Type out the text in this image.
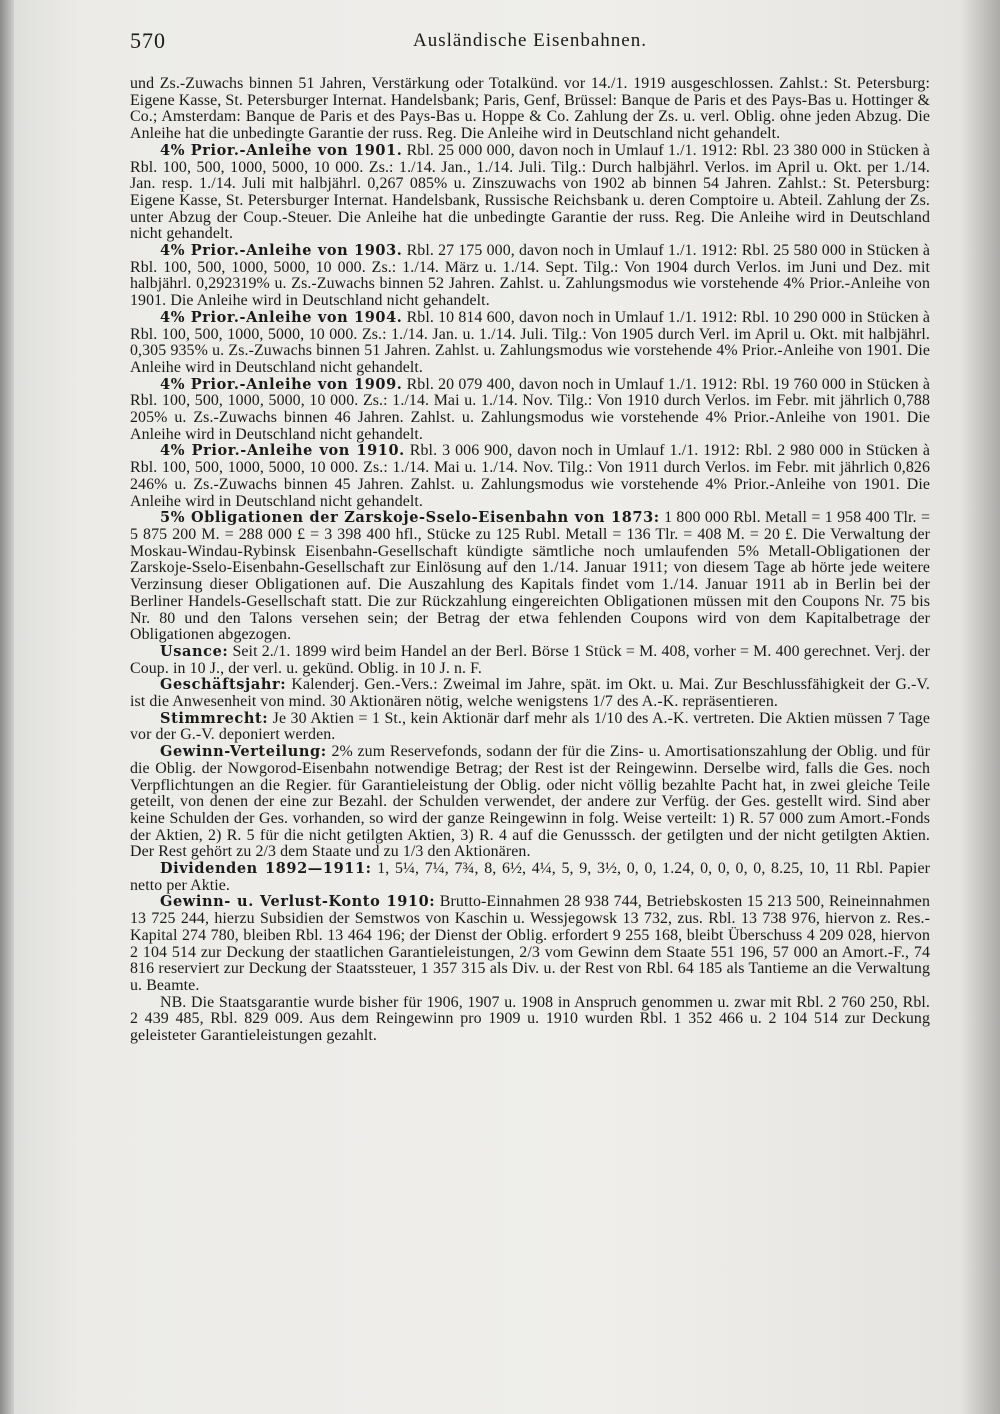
570	Ausländische Eisenbahnen.

und Zs.-Zuwachs binnen 51 Jahren, Verstärkung oder Totalkünd. vor 14./1. 1919 ausgeschlossen. Zahlst.: St. Petersburg: Eigene Kasse, St. Petersburger Internat. Handelsbank; Paris, Genf, Brüssel: Banque de Paris et des Pays-Bas u. Hottinger & Co.; Amsterdam: Banque de Paris et des Pays-Bas u. Hoppe & Co. Zahlung der Zs. u. verl. Oblig. ohne jeden Abzug. Die Anleihe hat die unbedingte Garantie der russ. Reg. Die Anleihe wird in Deutschland nicht gehandelt.

4% Prior.-Anleihe von 1901. Rbl. 25 000 000, davon noch in Umlauf 1./1. 1912: Rbl. 23 380 000 in Stücken à Rbl. 100, 500, 1000, 5000, 10 000. Zs.: 1./14. Jan., 1./14. Juli. Tilg.: Durch halbjährl. Verlos. im April u. Okt. per 1./14. Jan. resp. 1./14. Juli mit halbjährl. 0,267 085% u. Zinszuwachs von 1902 ab binnen 54 Jahren. Zahlst.: St. Petersburg: Eigene Kasse, St. Petersburger Internat. Handelsbank, Russische Reichsbank u. deren Comptoire u. Abteil. Zahlung der Zs. unter Abzug der Coup.-Steuer. Die Anleihe hat die unbedingte Garantie der russ. Reg. Die Anleihe wird in Deutschland nicht gehandelt.

4% Prior.-Anleihe von 1903. Rbl. 27 175 000, davon noch in Umlauf 1./1. 1912: Rbl. 25 580 000 in Stücken à Rbl. 100, 500, 1000, 5000, 10 000. Zs.: 1./14. März u. 1./14. Sept. Tilg.: Von 1904 durch Verlos. im Juni und Dez. mit halbjährl. 0,292319% u. Zs.-Zuwachs binnen 52 Jahren. Zahlst. u. Zahlungsmodus wie vorstehende 4% Prior.-Anleihe von 1901. Die Anleihe wird in Deutschland nicht gehandelt.

4% Prior.-Anleihe von 1904. Rbl. 10 814 600, davon noch in Umlauf 1./1. 1912: Rbl. 10 290 000 in Stücken à Rbl. 100, 500, 1000, 5000, 10 000. Zs.: 1./14. Jan. u. 1./14. Juli. Tilg.: Von 1905 durch Verl. im April u. Okt. mit halbjährl. 0,305 935% u. Zs.-Zuwachs binnen 51 Jahren. Zahlst. u. Zahlungsmodus wie vorstehende 4% Prior.-Anleihe von 1901. Die Anleihe wird in Deutschland nicht gehandelt.

4% Prior.-Anleihe von 1909. Rbl. 20 079 400, davon noch in Umlauf 1./1. 1912: Rbl. 19 760 000 in Stücken à Rbl. 100, 500, 1000, 5000, 10 000. Zs.: 1./14. Mai u. 1./14. Nov. Tilg.: Von 1910 durch Verlos. im Febr. mit jährlich 0,788 205% u. Zs.-Zuwachs binnen 46 Jahren. Zahlst. u. Zahlungsmodus wie vorstehende 4% Prior.-Anleihe von 1901. Die Anleihe wird in Deutschland nicht gehandelt.

4% Prior.-Anleihe von 1910. Rbl. 3 006 900, davon noch in Umlauf 1./1. 1912: Rbl. 2 980 000 in Stücken à Rbl. 100, 500, 1000, 5000, 10 000. Zs.: 1./14. Mai u. 1./14. Nov. Tilg.: Von 1911 durch Verlos. im Febr. mit jährlich 0,826 246% u. Zs.-Zuwachs binnen 45 Jahren. Zahlst. u. Zahlungsmodus wie vorstehende 4% Prior.-Anleihe von 1901. Die Anleihe wird in Deutschland nicht gehandelt.

5% Obligationen der Zarskoje-Sselo-Eisenbahn von 1873: 1 800 000 Rbl. Metall = 1 958 400 Tlr. = 5 875 200 M. = 288 000 £ = 3 398 400 hfl., Stücke zu 125 Rubl. Metall = 136 Tlr. = 408 M. = 20 £. Die Verwaltung der Moskau-Windau-Rybinsk Eisenbahn-Gesellschaft kündigte sämtliche noch umlaufenden 5% Metall-Obligationen der Zarskoje-Sselo-Eisenbahn-Gesellschaft zur Einlösung auf den 1./14. Januar 1911; von diesem Tage ab hörte jede weitere Verzinsung dieser Obligationen auf. Die Auszahlung des Kapitals findet vom 1./14. Januar 1911 ab in Berlin bei der Berliner Handels-Gesellschaft statt. Die zur Rückzahlung eingereichten Obligationen müssen mit den Coupons Nr. 75 bis Nr. 80 und den Talons versehen sein; der Betrag der etwa fehlenden Coupons wird von dem Kapitalbetrage der Obligationen abgezogen.

Usance: Seit 2./1. 1899 wird beim Handel an der Berl. Börse 1 Stück = M. 408, vorher = M. 400 gerechnet. Verj. der Coup. in 10 J., der verl. u. gekünd. Oblig. in 10 J. n. F.

Geschäftsjahr: Kalenderj. Gen.-Vers.: Zweimal im Jahre, spät. im Okt. u. Mai. Zur Beschlussfähigkeit der G.-V. ist die Anwesenheit von mind. 30 Aktionären nötig, welche wenigstens 1/7 des A.-K. repräsentieren.

Stimmrecht: Je 30 Aktien = 1 St., kein Aktionär darf mehr als 1/10 des A.-K. vertreten. Die Aktien müssen 7 Tage vor der G.-V. deponiert werden.

Gewinn-Verteilung: 2% zum Reservefonds, sodann der für die Zins- u. Amortisationszahlung der Oblig. und für die Oblig. der Nowgorod-Eisenbahn notwendige Betrag; der Rest ist der Reingewinn. Derselbe wird, falls die Ges. noch Verpflichtungen an die Regier. für Garantieleistung der Oblig. oder nicht völlig bezahlte Pacht hat, in zwei gleiche Teile geteilt, von denen der eine zur Bezahl. der Schulden verwendet, der andere zur Verfüg. der Ges. gestellt wird. Sind aber keine Schulden der Ges. vorhanden, so wird der ganze Reingewinn in folg. Weise verteilt: 1) R. 57 000 zum Amort.-Fonds der Aktien, 2) R. 5 für die nicht getilgten Aktien, 3) R. 4 auf die Genusssch. der getilgten und der nicht getilgten Aktien. Der Rest gehört zu 2/3 dem Staate und zu 1/3 den Aktionären.

Dividenden 1892—1911: 1, 5¼, 7¼, 7¾, 8, 6½, 4¼, 5, 9, 3½, 0, 0, 1.24, 0, 0, 0, 0, 8.25, 10, 11 Rbl. Papier netto per Aktie.

Gewinn- u. Verlust-Konto 1910: Brutto-Einnahmen 28 938 744, Betriebskosten 15 213 500, Reineinnahmen 13 725 244, hierzu Subsidien der Semstwos von Kaschin u. Wessjegowsk 13 732, zus. Rbl. 13 738 976, hiervon z. Res.-Kapital 274 780, bleiben Rbl. 13 464 196; der Dienst der Oblig. erfordert 9 255 168, bleibt Überschuss 4 209 028, hiervon 2 104 514 zur Deckung der staatlichen Garantieleistungen, 2/3 vom Gewinn dem Staate 551 196, 57 000 an Amort.-F., 74 816 reserviert zur Deckung der Staatssteuer, 1 357 315 als Div. u. der Rest von Rbl. 64 185 als Tantieme an die Verwaltung u. Beamte.

NB. Die Staatsgarantie wurde bisher für 1906, 1907 u. 1908 in Anspruch genommen u. zwar mit Rbl. 2 760 250, Rbl. 2 439 485, Rbl. 829 009. Aus dem Reingewinn pro 1909 u. 1910 wurden Rbl. 1 352 466 u. 2 104 514 zur Deckung geleisteter Garantieleistungen gezahlt.
